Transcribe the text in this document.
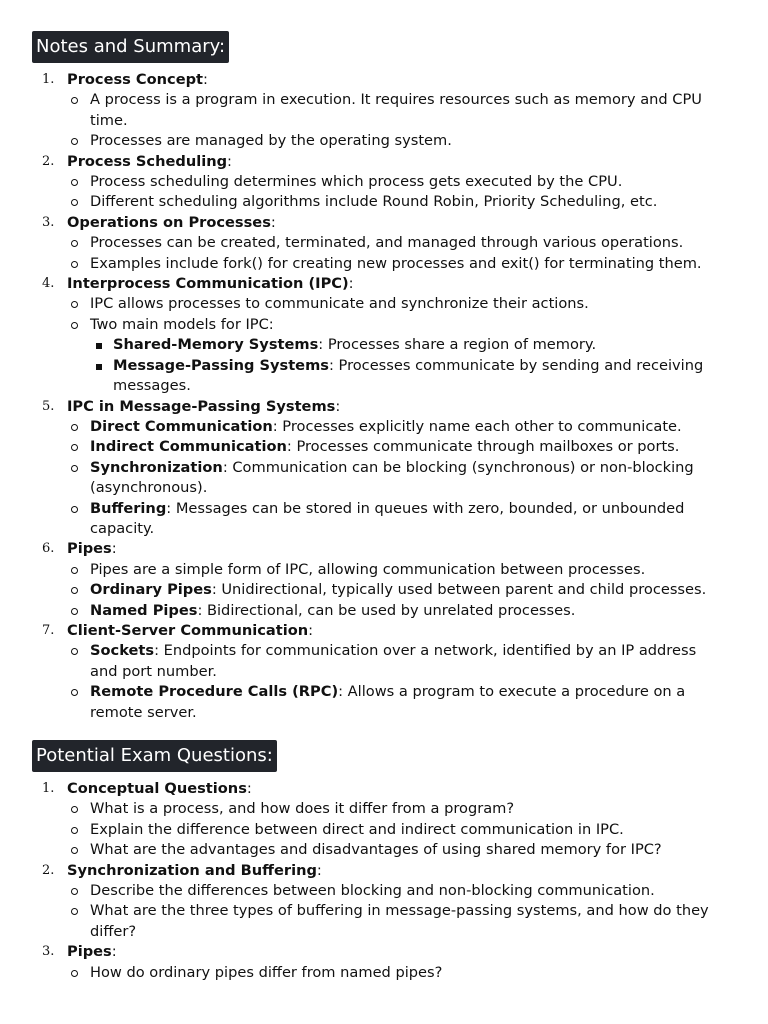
Notes and Summary:
1. Process Concept:
A process is a program in execution. It requires resources such as memory and CPU time.
Processes are managed by the operating system.
2. Process Scheduling:
Process scheduling determines which process gets executed by the CPU.
Different scheduling algorithms include Round Robin, Priority Scheduling, etc.
3. Operations on Processes:
Processes can be created, terminated, and managed through various operations.
Examples include fork() for creating new processes and exit() for terminating them.
4. Interprocess Communication (IPC):
IPC allows processes to communicate and synchronize their actions.
Two main models for IPC:
Shared-Memory Systems: Processes share a region of memory.
Message-Passing Systems: Processes communicate by sending and receiving messages.
5. IPC in Message-Passing Systems:
Direct Communication: Processes explicitly name each other to communicate.
Indirect Communication: Processes communicate through mailboxes or ports.
Synchronization: Communication can be blocking (synchronous) or non-blocking (asynchronous).
Buffering: Messages can be stored in queues with zero, bounded, or unbounded capacity.
6. Pipes:
Pipes are a simple form of IPC, allowing communication between processes.
Ordinary Pipes: Unidirectional, typically used between parent and child processes.
Named Pipes: Bidirectional, can be used by unrelated processes.
7. Client-Server Communication:
Sockets: Endpoints for communication over a network, identified by an IP address and port number.
Remote Procedure Calls (RPC): Allows a program to execute a procedure on a remote server.
Potential Exam Questions:
1. Conceptual Questions:
What is a process, and how does it differ from a program?
Explain the difference between direct and indirect communication in IPC.
What are the advantages and disadvantages of using shared memory for IPC?
2. Synchronization and Buffering:
Describe the differences between blocking and non-blocking communication.
What are the three types of buffering in message-passing systems, and how do they differ?
3. Pipes:
How do ordinary pipes differ from named pipes?
